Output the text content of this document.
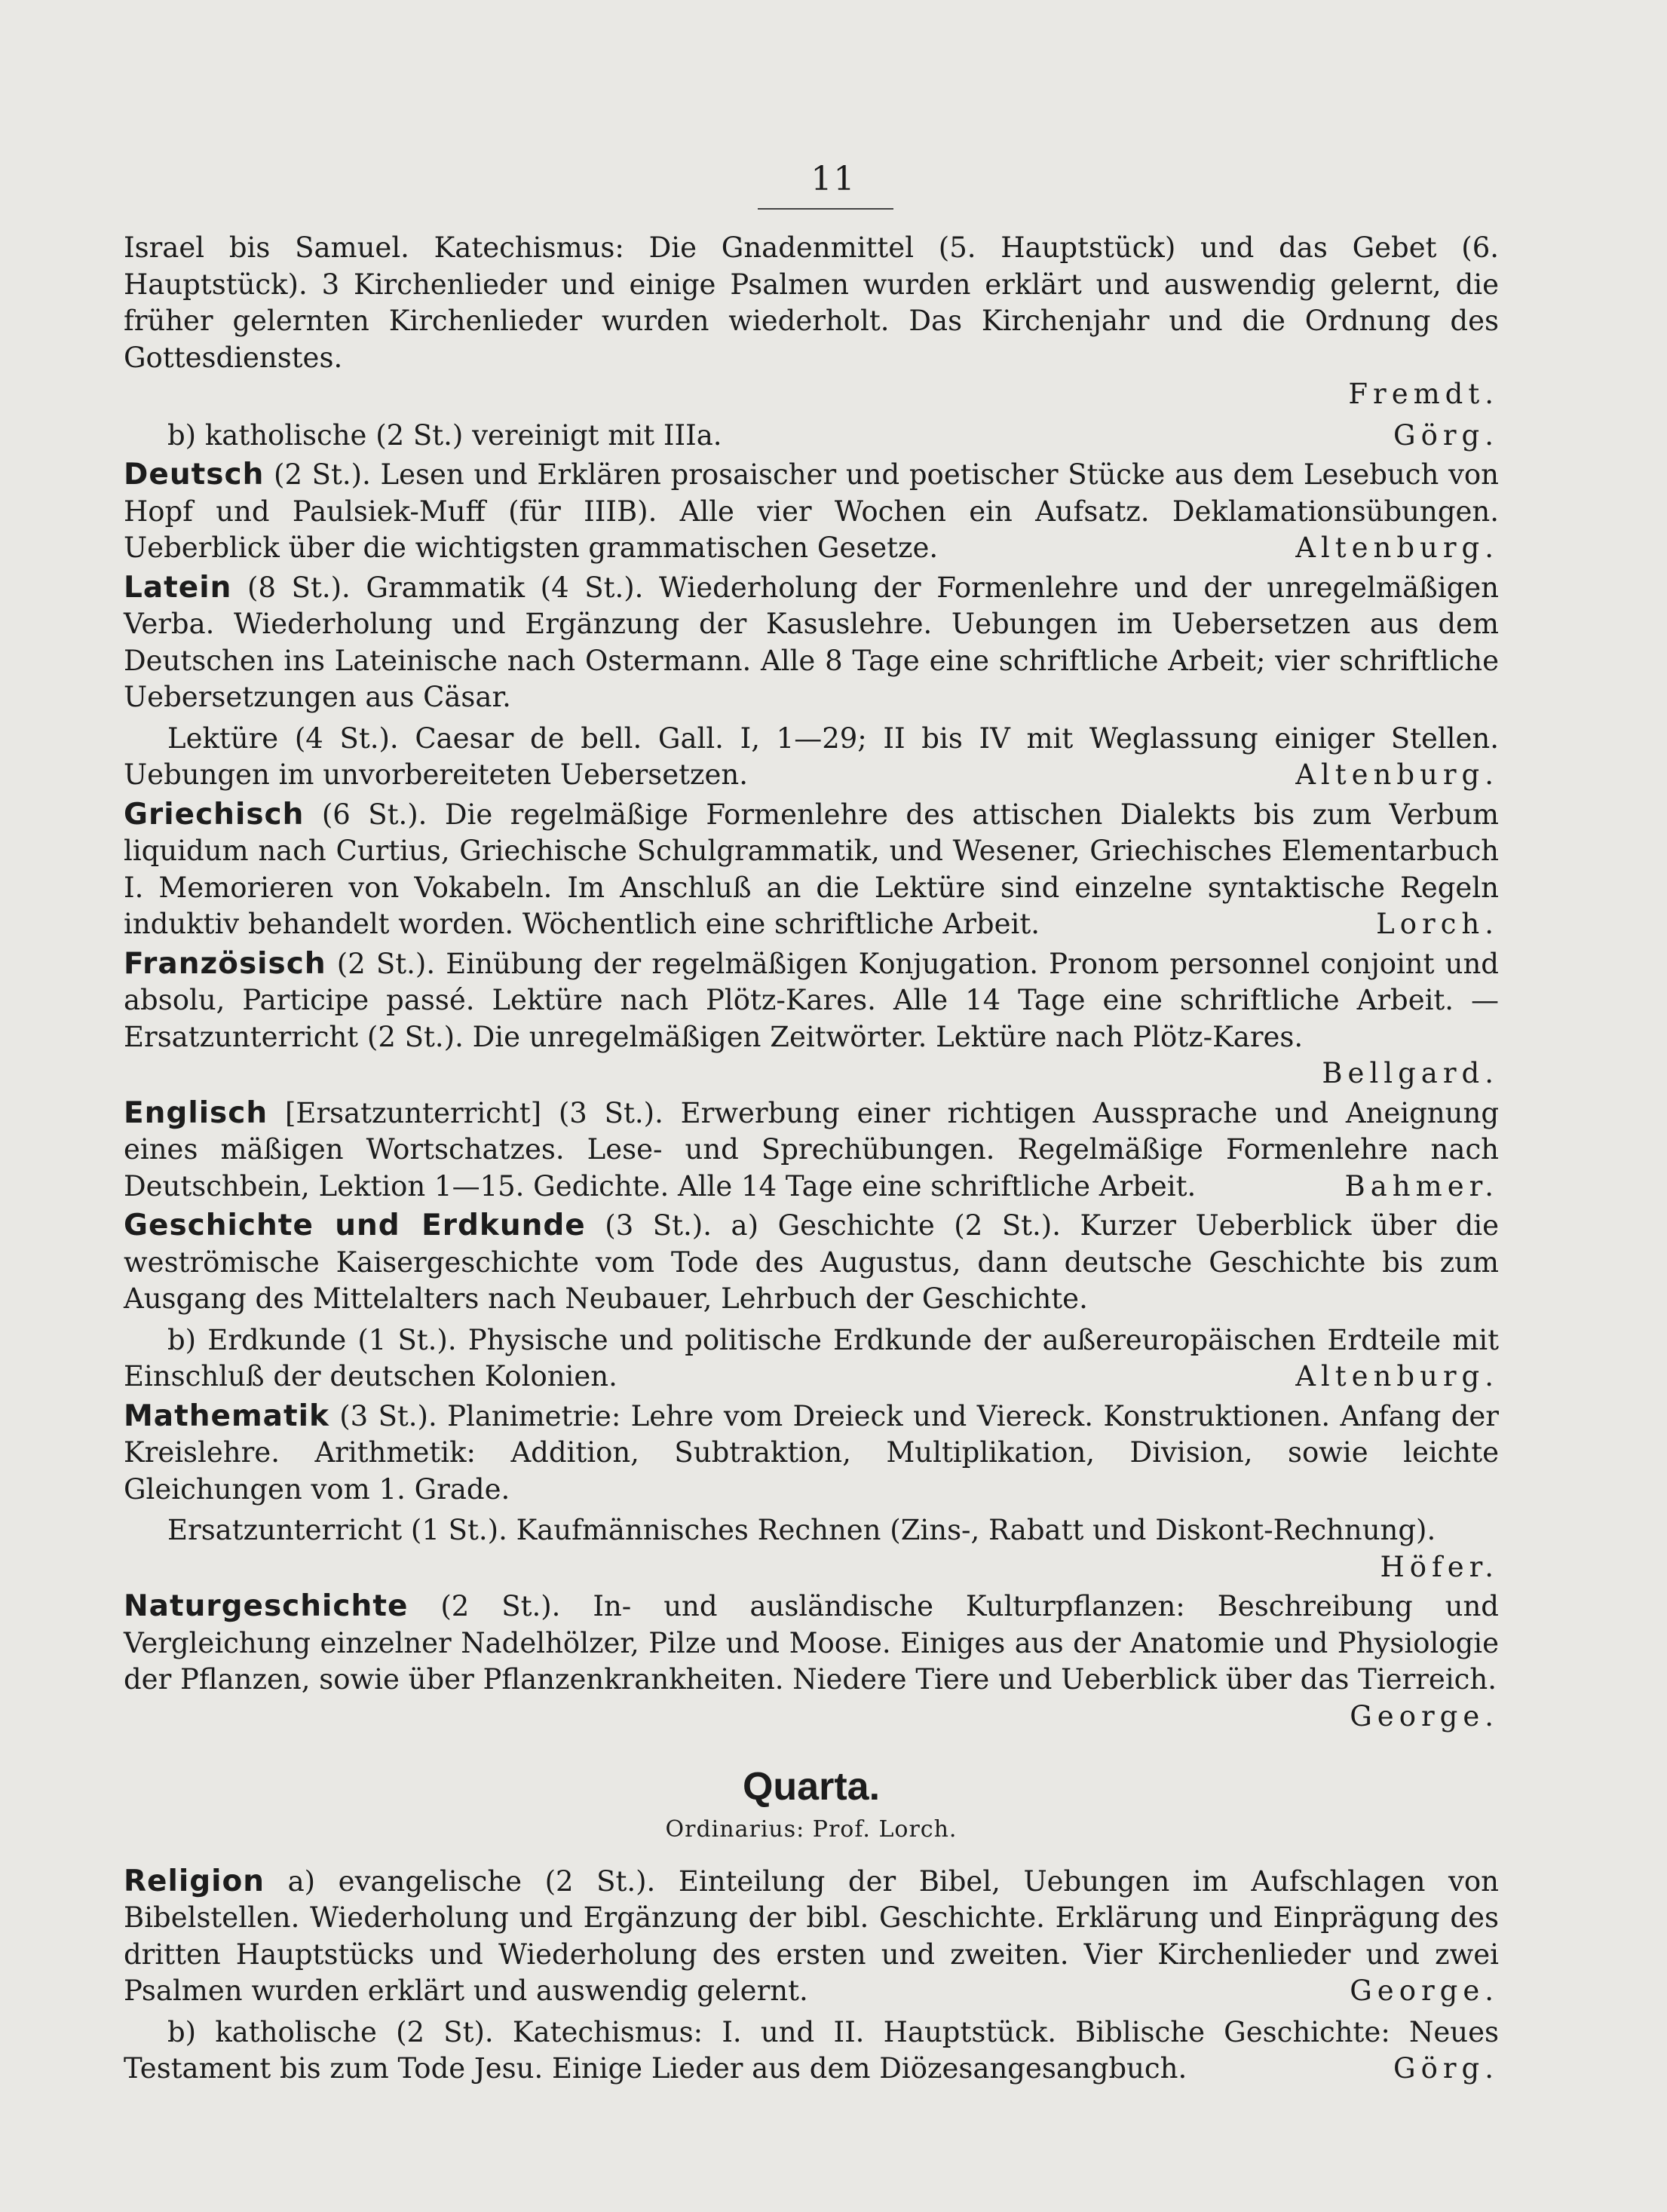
11

Israel bis Samuel. Katechismus: Die Gnadenmittel (5. Hauptstück) und das Gebet (6. Hauptstück). 3 Kirchenlieder und einige Psalmen wurden erklärt und auswendig gelernt, die früher gelernten Kirchenlieder wurden wiederholt. Das Kirchenjahr und die Ordnung des Gottesdienstes.

Fremdt.

Görg.
b) katholische (2 St.) vereinigt mit IIIa.

Deutsch (2 St.). Lesen und Erklären prosaischer und poetischer Stücke aus dem Lesebuch von Hopf und Paulsiek-Muff (für IIIB). Alle vier Wochen ein Aufsatz. Deklamationsübungen. Ueberblick über die wichtigsten grammatischen Gesetze.	Altenburg.

Latein (8 St.). Grammatik (4 St.). Wiederholung der Formenlehre und der unregelmäßigen Verba. Wiederholung und Ergänzung der Kasuslehre. Uebungen im Uebersetzen aus dem Deutschen ins Lateinische nach Ostermann. Alle 8 Tage eine schriftliche Arbeit; vier schriftliche Uebersetzungen aus Cäsar.

Lektüre (4 St.). Caesar de bell. Gall. I, 1—29; II bis IV mit Weglassung einiger Stellen. Uebungen im unvorbereiteten Uebersetzen.	Altenburg.

Griechisch (6 St.). Die regelmäßige Formenlehre des attischen Dialekts bis zum Verbum liquidum nach Curtius, Griechische Schulgrammatik, und Wesener, Griechisches Elementarbuch I. Memorieren von Vokabeln. Im Anschluß an die Lektüre sind einzelne syntaktische Regeln induktiv behandelt worden. Wöchentlich eine schriftliche Arbeit.	Lorch.

Französisch (2 St.). Einübung der regelmäßigen Konjugation. Pronom personnel conjoint und absolu, Participe passé. Lektüre nach Plötz-Kares. Alle 14 Tage eine schriftliche Arbeit. — Ersatzunterricht (2 St.). Die unregelmäßigen Zeitwörter. Lektüre nach Plötz-Kares.

Bellgard.

Englisch [Ersatzunterricht] (3 St.). Erwerbung einer richtigen Aussprache und Aneignung eines mäßigen Wortschatzes. Lese- und Sprechübungen. Regelmäßige Formenlehre nach Deutschbein, Lektion 1—15. Gedichte. Alle 14 Tage eine schriftliche Arbeit.	Bahmer.

Geschichte und Erdkunde (3 St.). a) Geschichte (2 St.). Kurzer Ueberblick über die weströmische Kaisergeschichte vom Tode des Augustus, dann deutsche Geschichte bis zum Ausgang des Mittelalters nach Neubauer, Lehrbuch der Geschichte.

b) Erdkunde (1 St.). Physische und politische Erdkunde der außereuropäischen Erdteile mit Einschluß der deutschen Kolonien.	Altenburg.

Mathematik (3 St.). Planimetrie: Lehre vom Dreieck und Viereck. Konstruktionen. Anfang der Kreislehre. Arithmetik: Addition, Subtraktion, Multiplikation, Division, sowie leichte Gleichungen vom 1. Grade.

Ersatzunterricht (1 St.). Kaufmännisches Rechnen (Zins-, Rabatt und Diskont-Rechnung).

Höfer.

Naturgeschichte (2 St.). In- und ausländische Kulturpflanzen: Beschreibung und Vergleichung einzelner Nadelhölzer, Pilze und Moose. Einiges aus der Anatomie und Physiologie der Pflanzen, sowie über Pflanzenkrankheiten. Niedere Tiere und Ueberblick über das Tierreich.
George.

Quarta.
Ordinarius: Prof. Lorch.

Religion a) evangelische (2 St.). Einteilung der Bibel, Uebungen im Aufschlagen von Bibelstellen. Wiederholung und Ergänzung der bibl. Geschichte. Erklärung und Einprägung des dritten Hauptstücks und Wiederholung des ersten und zweiten. Vier Kirchenlieder und zwei Psalmen wurden erklärt und auswendig gelernt.	George.

b) katholische (2 St). Katechismus: I. und II. Hauptstück. Biblische Geschichte: Neues Testament bis zum Tode Jesu. Einige Lieder aus dem Diözesangesangbuch.	Görg.
